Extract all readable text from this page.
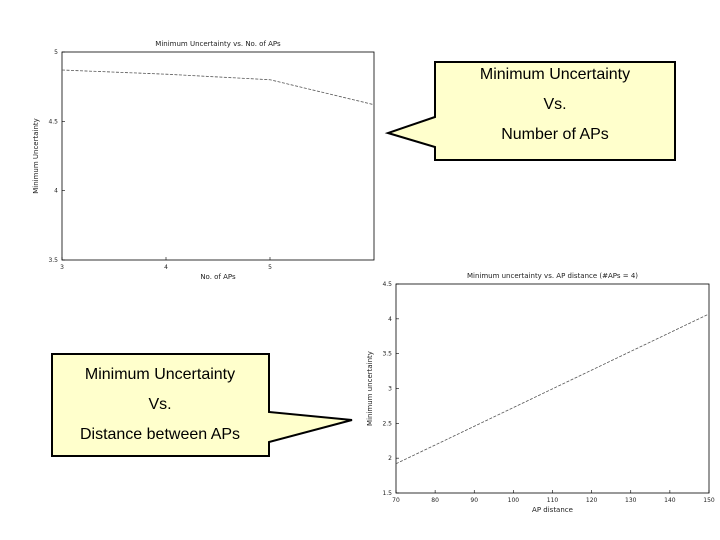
Minimum Uncertainty vs. No. of APs
3	4	5
3.5
4
4.5
5
No. of APs
Minimum Uncertainty
Minimum uncertainty vs. AP distance (#APs = 4)
70	80	90	100	110	120	130	140	150
1.5
2
2.5
3
3.5
4
4.5
AP distance
Minimum uncertainty
Minimum Uncertainty
Vs.
Number of APs
Minimum Uncertainty
Vs.
Distance between APs
